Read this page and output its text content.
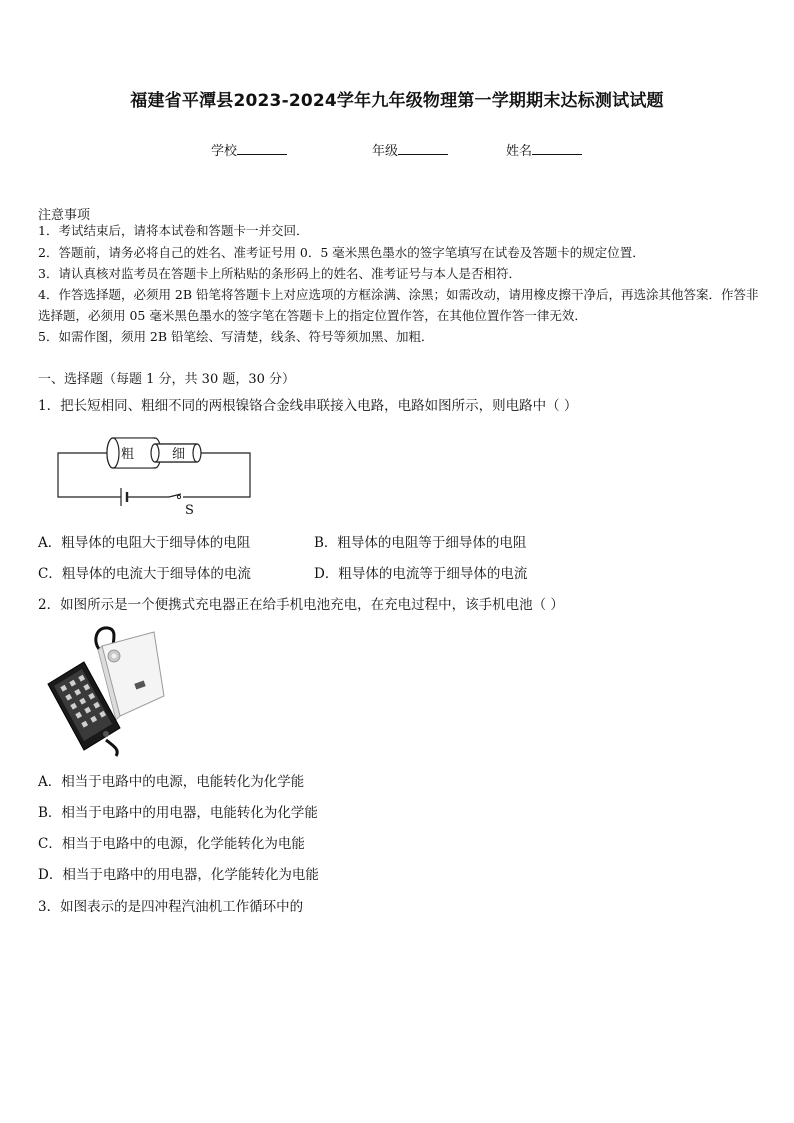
福建省平潭县2023-2024学年九年级物理第一学期期末达标测试试题
学校	年级	姓名
注意事项
1．考试结束后，请将本试卷和答题卡一并交回．
2．答题前，请务必将自己的姓名、准考证号用 0．5 毫米黑色墨水的签字笔填写在试卷及答题卡的规定位置．
3．请认真核对监考员在答题卡上所粘贴的条形码上的姓名、准考证号与本人是否相符．
4．作答选择题，必须用 2B 铅笔将答题卡上对应选项的方框涂满、涂黑；如需改动，请用橡皮擦干净后，再选涂其他答案．作答非选择题，必须用 05 毫米黑色墨水的签字笔在答题卡上的指定位置作答，在其他位置作答一律无效．
5．如需作图，须用 2B 铅笔绘、写清楚，线条、符号等须加黑、加粗．
一、选择题（每题 1 分，共 30 题，30 分）
1．把长短相同、粗细不同的两根镍铬合金线串联接入电路，电路如图所示，则电路中（ ）
粗	细
S
A．粗导体的电阻大于细导体的电阻	B．粗导体的电阻等于细导体的电阻
C．粗导体的电流大于细导体的电流	D．粗导体的电流等于细导体的电流
2．如图所示是一个便携式充电器正在给手机电池充电，在充电过程中，该手机电池（ ）
A．相当于电路中的电源，电能转化为化学能
B．相当于电路中的用电器，电能转化为化学能
C．相当于电路中的电源，化学能转化为电能
D．相当于电路中的用电器，化学能转化为电能
3．如图表示的是四冲程汽油机工作循环中的
